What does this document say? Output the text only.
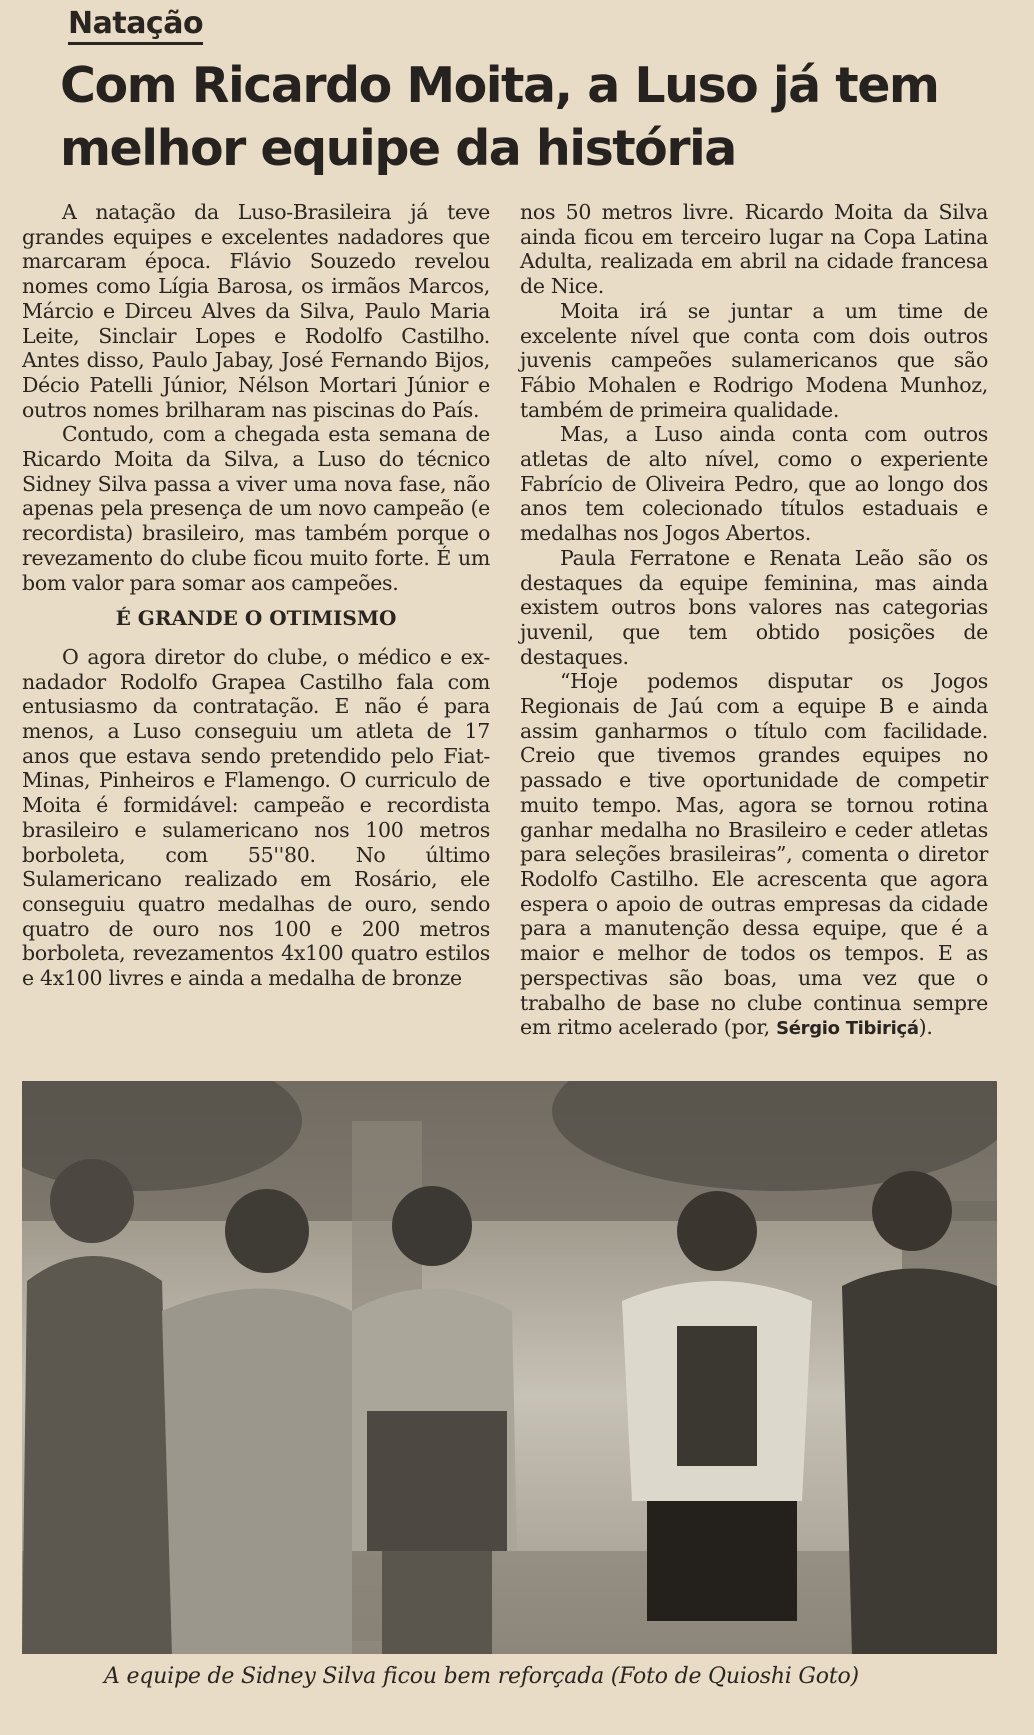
Natação
Com Ricardo Moita, a Luso já tem melhor equipe da história

A natação da Luso-Brasileira já teve grandes equipes e excelentes nadadores que marcaram época. Flávio Souzedo revelou nomes como Lígia Barosa, os irmãos Marcos, Márcio e Dirceu Alves da Silva, Paulo Maria Leite, Sinclair Lopes e Rodolfo Castilho. Antes disso, Paulo Jabay, José Fernando Bijos, Décio Patelli Júnior, Nélson Mortari Júnior e outros nomes brilharam nas piscinas do País.

Contudo, com a chegada esta semana de Ricardo Moita da Silva, a Luso do técnico Sidney Silva passa a viver uma nova fase, não apenas pela presença de um novo campeão (e recordista) brasileiro, mas também porque o revezamento do clube ficou muito forte. É um bom valor para somar aos campeões.

É GRANDE O OTIMISMO

O agora diretor do clube, o médico e ex-nadador Rodolfo Grapea Castilho fala com entusiasmo da contratação. E não é para menos, a Luso conseguiu um atleta de 17 anos que estava sendo pretendido pelo Fiat-Minas, Pinheiros e Flamengo. O curriculo de Moita é formidável: campeão e recordista brasileiro e sulamericano nos 100 metros borboleta, com 55''80. No último Sulamericano realizado em Rosário, ele conseguiu quatro medalhas de ouro, sendo quatro de ouro nos 100 e 200 metros borboleta, revezamentos 4x100 quatro estilos e 4x100 livres e ainda a medalha de bronze

nos 50 metros livre. Ricardo Moita da Silva ainda ficou em terceiro lugar na Copa Latina Adulta, realizada em abril na cidade francesa de Nice.

Moita irá se juntar a um time de excelente nível que conta com dois outros juvenis campeões sulamericanos que são Fábio Mohalen e Rodrigo Modena Munhoz, também de primeira qualidade.

Mas, a Luso ainda conta com outros atletas de alto nível, como o experiente Fabrício de Oliveira Pedro, que ao longo dos anos tem colecionado títulos estaduais e medalhas nos Jogos Abertos.

Paula Ferratone e Renata Leão são os destaques da equipe feminina, mas ainda existem outros bons valores nas categorias juvenil, que tem obtido posições de destaques.

“Hoje podemos disputar os Jogos Regionais de Jaú com a equipe B e ainda assim ganharmos o título com facilidade. Creio que tivemos grandes equipes no passado e tive oportunidade de competir muito tempo. Mas, agora se tornou rotina ganhar medalha no Brasileiro e ceder atletas para seleções brasileiras”, comenta o diretor Rodolfo Castilho. Ele acrescenta que agora espera o apoio de outras empresas da cidade para a manutenção dessa equipe, que é a maior e melhor de todos os tempos. E as perspectivas são boas, uma vez que o trabalho de base no clube continua sempre em ritmo acelerado (por, Sérgio Tibiriçá).

A equipe de Sidney Silva ficou bem reforçada (Foto de Quioshi Goto)
